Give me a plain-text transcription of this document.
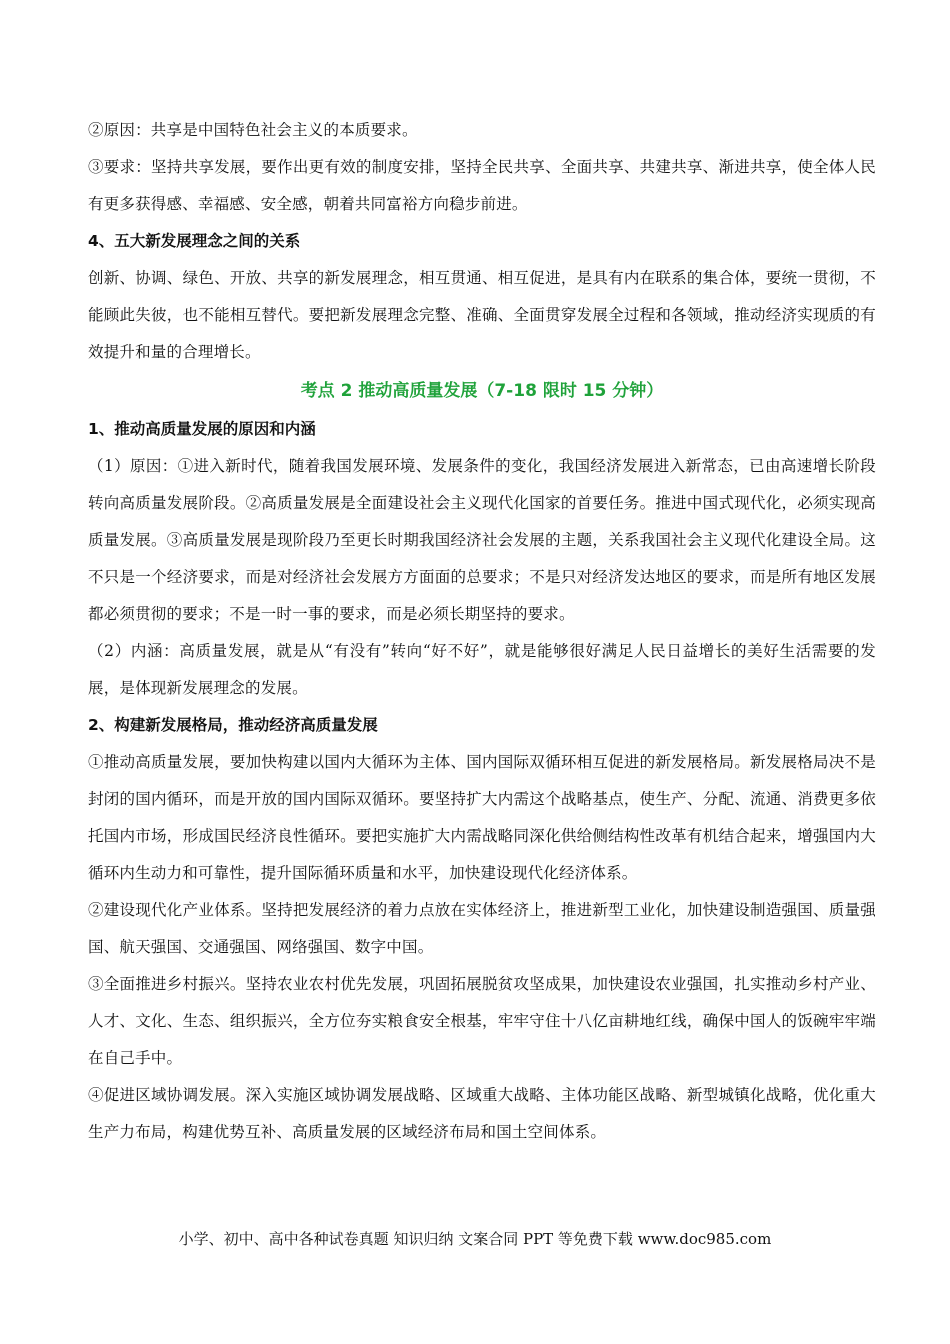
②原因：共享是中国特色社会主义的本质要求。

③要求：坚持共享发展，要作出更有效的制度安排，坚持全民共享、全面共享、共建共享、渐进共享，使全体人民有更多获得感、幸福感、安全感，朝着共同富裕方向稳步前进。

4、五大新发展理念之间的关系

创新、协调、绿色、开放、共享的新发展理念，相互贯通、相互促进，是具有内在联系的集合体，要统一贯彻，不能顾此失彼，也不能相互替代。要把新发展理念完整、准确、全面贯穿发展全过程和各领域，推动经济实现质的有效提升和量的合理增长。

考点 2 推动高质量发展（7-18 限时 15 分钟）

1、推动高质量发展的原因和内涵

（1）原因：①进入新时代，随着我国发展环境、发展条件的变化，我国经济发展进入新常态，已由高速增长阶段转向高质量发展阶段。②高质量发展是全面建设社会主义现代化国家的首要任务。推进中国式现代化，必须实现高质量发展。③高质量发展是现阶段乃至更长时期我国经济社会发展的主题，关系我国社会主义现代化建设全局。这不只是一个经济要求，而是对经济社会发展方方面面的总要求；不是只对经济发达地区的要求，而是所有地区发展都必须贯彻的要求；不是一时一事的要求，而是必须长期坚持的要求。

（2）内涵：高质量发展，就是从“有没有”转向“好不好”，就是能够很好满足人民日益增长的美好生活需要的发展，是体现新发展理念的发展。

2、构建新发展格局，推动经济高质量发展

①推动高质量发展，要加快构建以国内大循环为主体、国内国际双循环相互促进的新发展格局。新发展格局决不是封闭的国内循环，而是开放的国内国际双循环。要坚持扩大内需这个战略基点，使生产、分配、流通、消费更多依托国内市场，形成国民经济良性循环。要把实施扩大内需战略同深化供给侧结构性改革有机结合起来，增强国内大循环内生动力和可靠性，提升国际循环质量和水平，加快建设现代化经济体系。

②建设现代化产业体系。坚持把发展经济的着力点放在实体经济上，推进新型工业化，加快建设制造强国、质量强国、航天强国、交通强国、网络强国、数字中国。

③全面推进乡村振兴。坚持农业农村优先发展，巩固拓展脱贫攻坚成果，加快建设农业强国，扎实推动乡村产业、人才、文化、生态、组织振兴，全方位夯实粮食安全根基，牢牢守住十八亿亩耕地红线，确保中国人的饭碗牢牢端在自己手中。

④促进区域协调发展。深入实施区域协调发展战略、区域重大战略、主体功能区战略、新型城镇化战略，优化重大生产力布局，构建优势互补、高质量发展的区域经济布局和国土空间体系。

小学、初中、高中各种试卷真题 知识归纳 文案合同 PPT 等免费下载 www.doc985.com
